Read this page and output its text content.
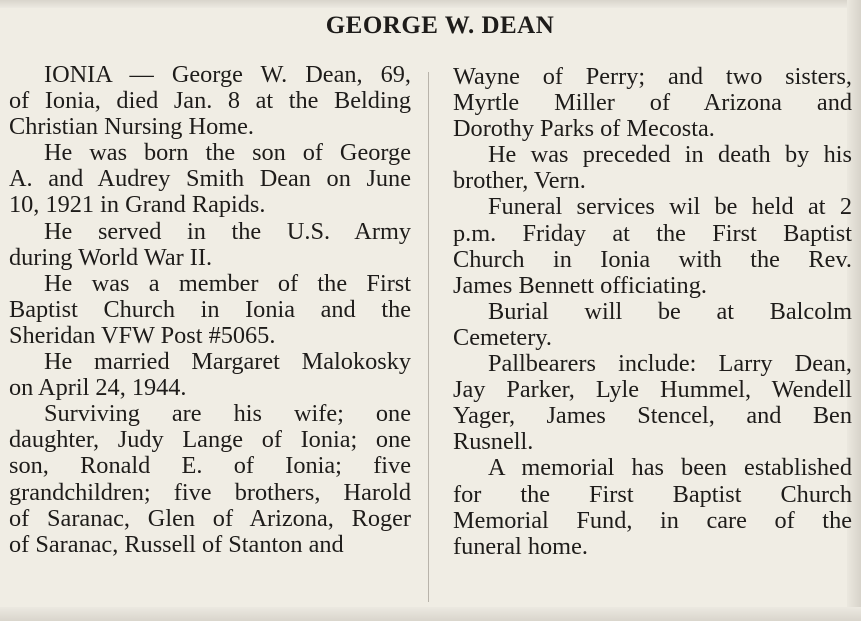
GEORGE W. DEAN
IONIA — George W. Dean, 69,
of Ionia, died Jan. 8 at the Belding
Christian Nursing Home.
He was born the son of George
A. and Audrey Smith Dean on June
10, 1921 in Grand Rapids.
He served in the U.S. Army
during World War II.
He was a member of the First
Baptist Church in Ionia and the
Sheridan VFW Post #5065.
He married Margaret Malokosky
on April 24, 1944.
Surviving are his wife; one
daughter, Judy Lange of Ionia; one
son, Ronald E. of Ionia; five
grandchildren; five brothers, Harold
of Saranac, Glen of Arizona, Roger
of Saranac, Russell of Stanton and
Wayne of Perry; and two sisters,
Myrtle Miller of Arizona and
Dorothy Parks of Mecosta.
He was preceded in death by his
brother, Vern.
Funeral services wil be held at 2
p.m. Friday at the First Baptist
Church in Ionia with the Rev.
James Bennett officiating.
Burial will be at Balcolm
Cemetery.
Pallbearers include: Larry Dean,
Jay Parker, Lyle Hummel, Wendell
Yager, James Stencel, and Ben
Rusnell.
A memorial has been established
for the First Baptist Church
Memorial Fund, in care of the
funeral home.
